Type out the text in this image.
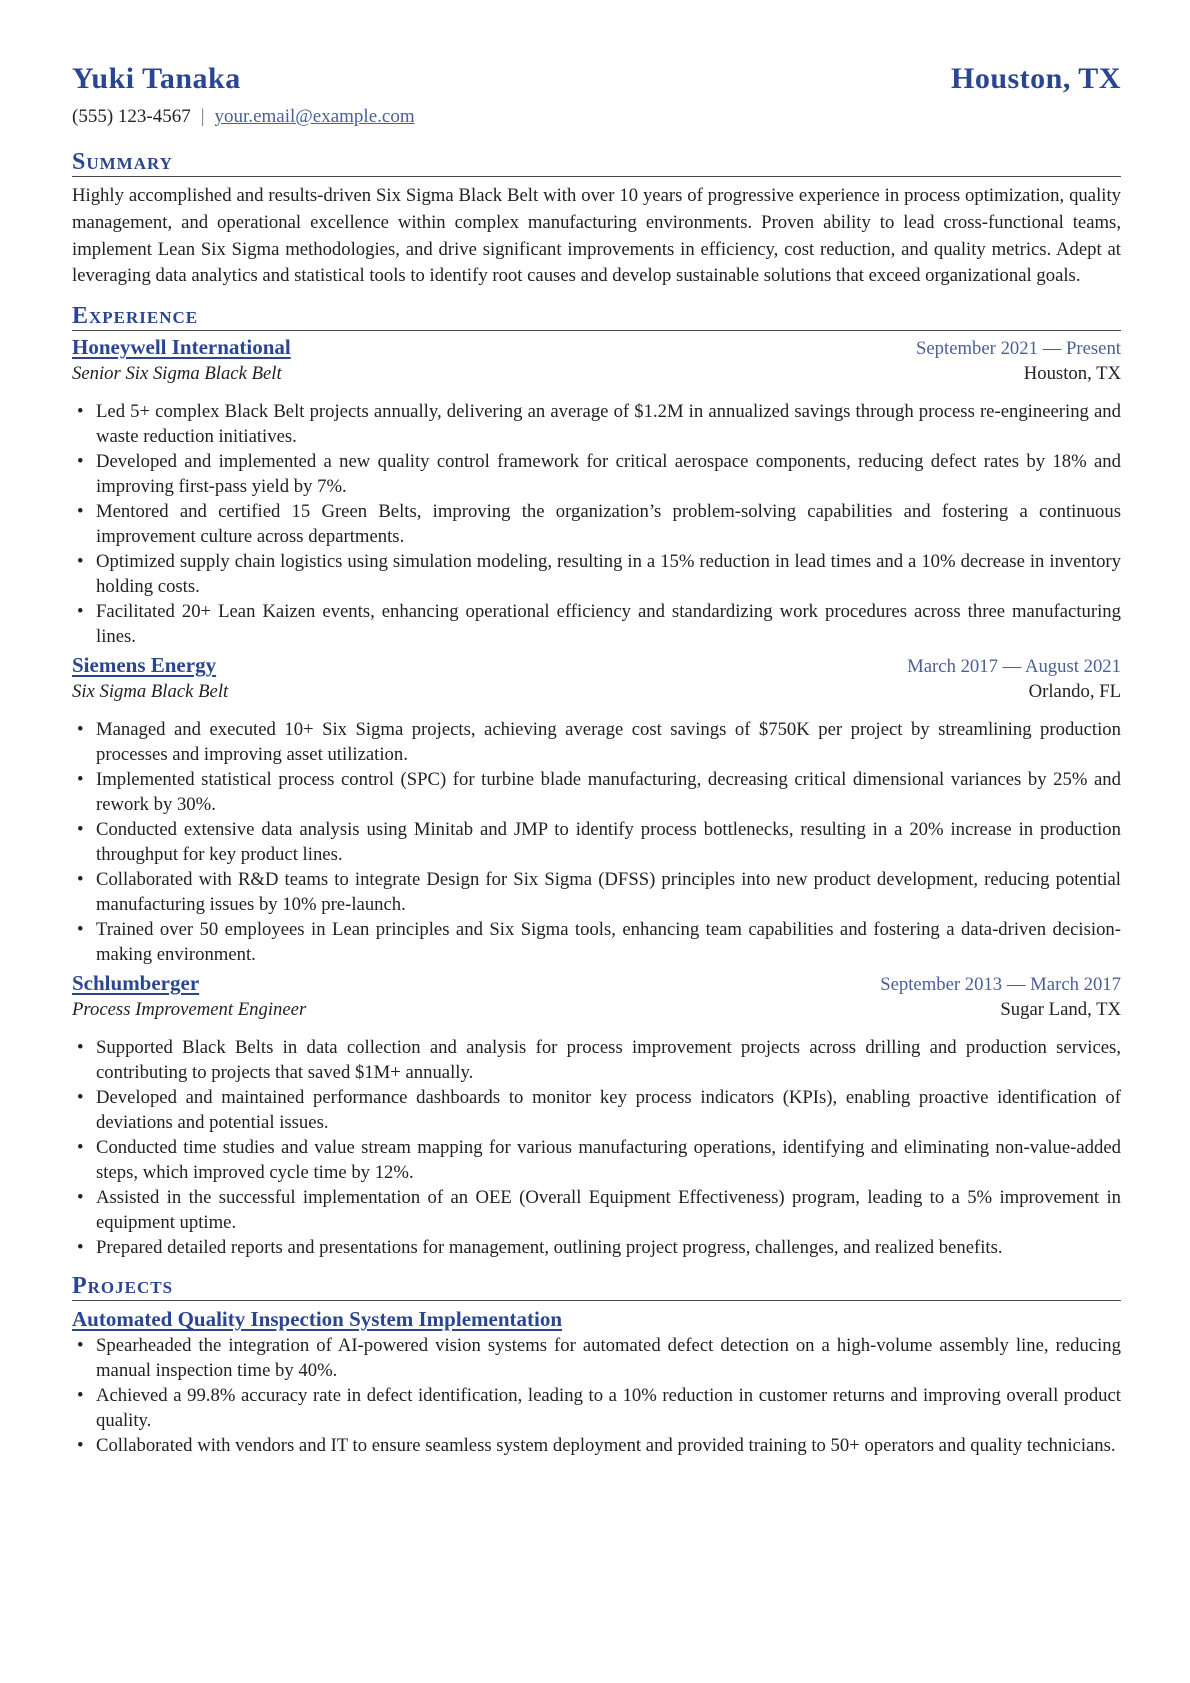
Yuki Tanaka	Houston, TX
(555) 123-4567 | your.email@example.com
Summary

Highly accomplished and results-driven Six Sigma Black Belt with over 10 years of progressive experience in process optimization, quality management, and operational excellence within complex manufacturing environments. Proven ability to lead cross-functional teams, implement Lean Six Sigma methodologies, and drive significant improvements in efficiency, cost reduction, and quality metrics. Adept at leveraging data analytics and statistical tools to identify root causes and develop sustainable solutions that exceed organizational goals.

Experience
Honeywell International	September 2021 — Present
Senior Six Sigma Black Belt	Houston, TX
• Led 5+ complex Black Belt projects annually, delivering an average of $1.2M in annualized savings through process re-engineering and waste reduction initiatives.
• Developed and implemented a new quality control framework for critical aerospace components, reducing defect rates by 18% and improving first-pass yield by 7%.
• Mentored and certified 15 Green Belts, improving the organization’s problem-solving capabilities and fostering a continuous improvement culture across departments.
• Optimized supply chain logistics using simulation modeling, resulting in a 15% reduction in lead times and a 10% decrease in inventory holding costs.
• Facilitated 20+ Lean Kaizen events, enhancing operational efficiency and standardizing work procedures across three manufacturing lines.
Siemens Energy	March 2017 — August 2021
Six Sigma Black Belt	Orlando, FL
• Managed and executed 10+ Six Sigma projects, achieving average cost savings of $750K per project by streamlining production processes and improving asset utilization.
• Implemented statistical process control (SPC) for turbine blade manufacturing, decreasing critical dimensional variances by 25% and rework by 30%.
• Conducted extensive data analysis using Minitab and JMP to identify process bottlenecks, resulting in a 20% increase in production throughput for key product lines.
• Collaborated with R&D teams to integrate Design for Six Sigma (DFSS) principles into new product development, reducing potential manufacturing issues by 10% pre-launch.
• Trained over 50 employees in Lean principles and Six Sigma tools, enhancing team capabilities and fostering a data-driven decision-making environment.
Schlumberger	September 2013 — March 2017
Process Improvement Engineer	Sugar Land, TX
• Supported Black Belts in data collection and analysis for process improvement projects across drilling and production services, contributing to projects that saved $1M+ annually.
• Developed and maintained performance dashboards to monitor key process indicators (KPIs), enabling proactive identification of deviations and potential issues.
• Conducted time studies and value stream mapping for various manufacturing operations, identifying and eliminating non-value-added steps, which improved cycle time by 12%.
• Assisted in the successful implementation of an OEE (Overall Equipment Effectiveness) program, leading to a 5% improvement in equipment uptime.
• Prepared detailed reports and presentations for management, outlining project progress, challenges, and realized benefits.
Projects
Automated Quality Inspection System Implementation
• Spearheaded the integration of AI-powered vision systems for automated defect detection on a high-volume assembly line, reducing manual inspection time by 40%.
• Achieved a 99.8% accuracy rate in defect identification, leading to a 10% reduction in customer returns and improving overall product quality.
• Collaborated with vendors and IT to ensure seamless system deployment and provided training to 50+ operators and quality technicians.
